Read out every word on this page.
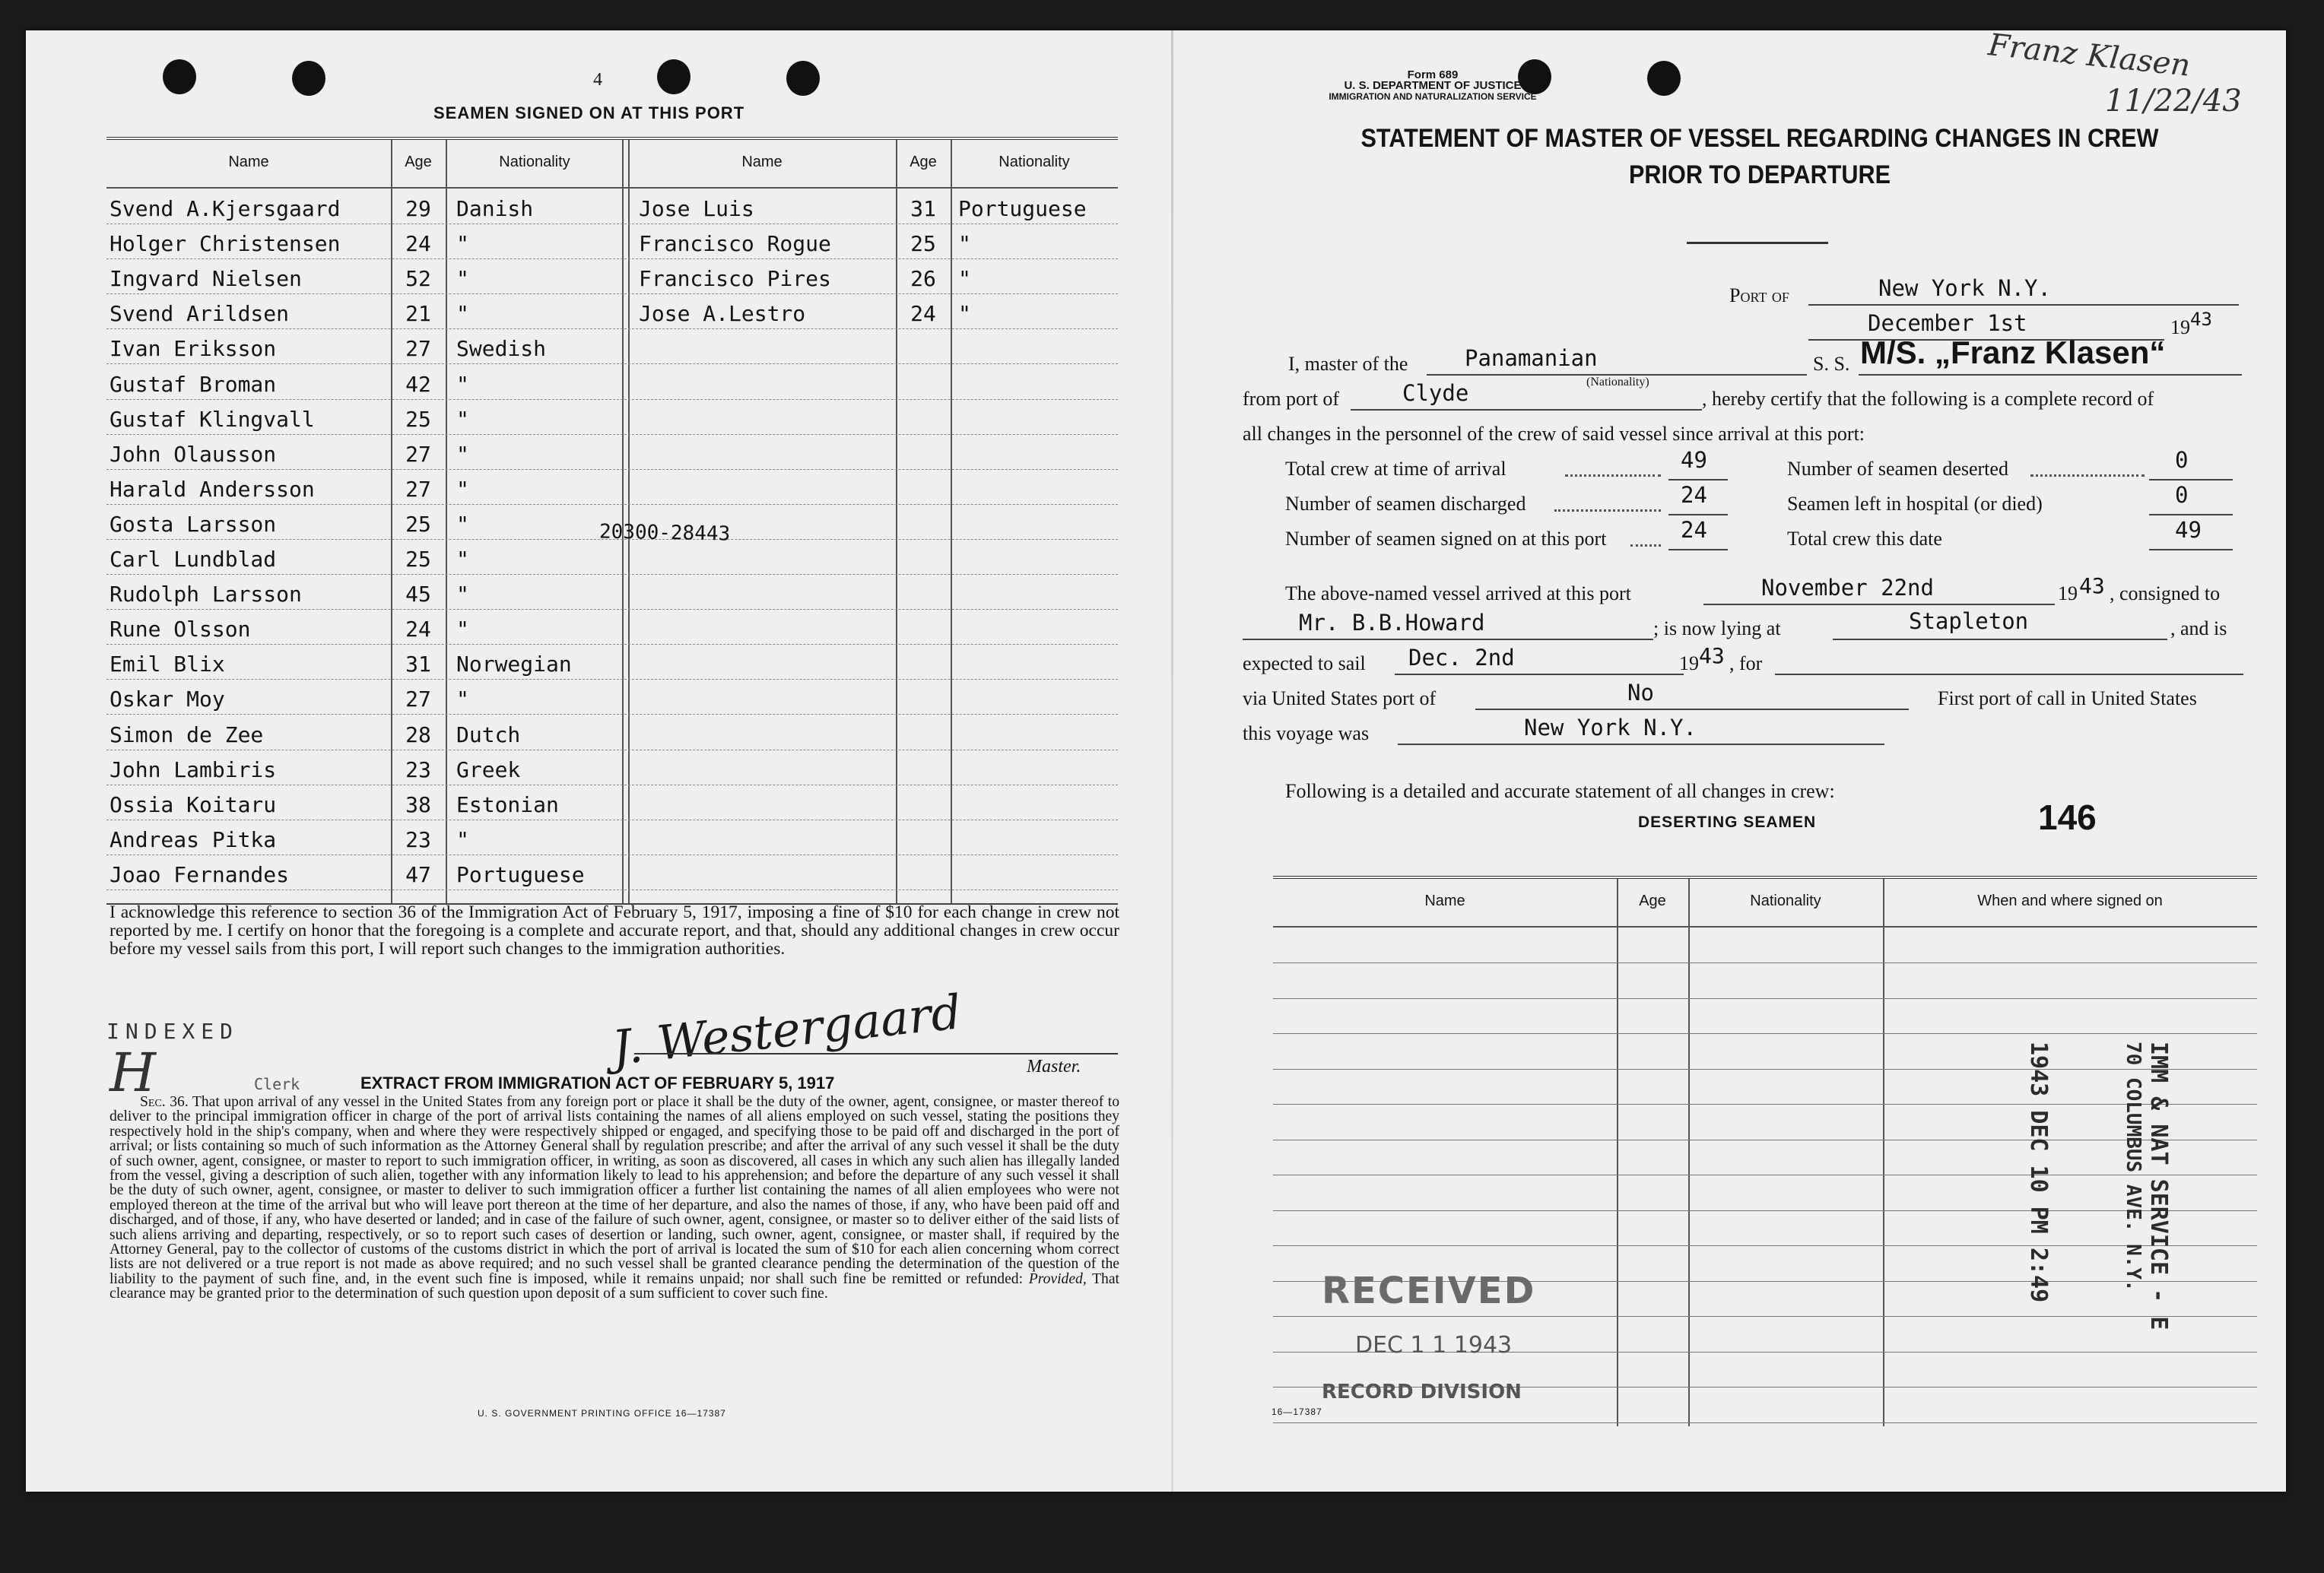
4
SEAMEN SIGNED ON AT THIS PORT
Name	Age	Nationality	Name	Age	Nationality
Svend A.Kjersgaard	29	Danish	Jose Luis	31	Portuguese
Holger Christensen	24	"	Francisco Rogue	25	"
Ingvard Nielsen	52	"	Francisco Pires	26	"
Svend Arildsen	21	"	Jose A.Lestro	24	"
Ivan Eriksson	27	Swedish
Gustaf Broman	42	"
Gustaf Klingvall	25	"
John Olausson	27	"
Harald Andersson	27	"
Gosta Larsson	25	"
Carl Lundblad	25	"
Rudolph Larsson	45	"
Rune Olsson	24	"
Emil Blix	31	Norwegian
Oskar Moy	27	"
Simon de Zee	28	Dutch
John Lambiris	23	Greek
Ossia Koitaru	38	Estonian
Andreas Pitka	23	"
Joao Fernandes	47	Portuguese
20300-28443
I acknowledge this reference to section 36 of the Immigration Act of February 5, 1917, imposing a fine of $10 for each change in crew not reported by me. I certify on honor that the foregoing is a complete and accurate report, and that, should any additional changes in crew occur before my vessel sails from this port, I will report such changes to the immigration authorities.
INDEXED
H	Clerk
J. Westergaard	Master.
EXTRACT FROM IMMIGRATION ACT OF FEBRUARY 5, 1917
Sec. 36. That upon arrival of any vessel in the United States from any foreign port or place it shall be the duty of the owner, agent, consignee, or master thereof to deliver to the principal immigration officer in charge of the port of arrival lists containing the names of all aliens employed on such vessel, stating the positions they respectively hold in the ship's company, when and where they were respectively shipped or engaged, and specifying those to be paid off and discharged in the port of arrival; or lists containing so much of such information as the Attorney General shall by regulation prescribe; and after the arrival of any such vessel it shall be the duty of such owner, agent, consignee, or master to report to such immigration officer, in writing, as soon as discovered, all cases in which any such alien has illegally landed from the vessel, giving a description of such alien, together with any information likely to lead to his apprehension; and before the departure of any such vessel it shall be the duty of such owner, agent, consignee, or master to deliver to such immigration officer a further list containing the names of all alien employees who were not employed thereon at the time of the arrival but who will leave port thereon at the time of her departure, and also the names of those, if any, who have been paid off and discharged, and of those, if any, who have deserted or landed; and in case of the failure of such owner, agent, consignee, or master so to deliver either of the said lists of such aliens arriving and departing, respectively, or so to report such cases of desertion or landing, such owner, agent, consignee, or master shall, if required by the Attorney General, pay to the collector of customs of the customs district in which the port of arrival is located the sum of $10 for each alien concerning whom correct lists are not delivered or a true report is not made as above required; and no such vessel shall be granted clearance pending the determination of the question of the liability to the payment of such fine, and, in the event such fine is imposed, while it remains unpaid; nor shall such fine be remitted or refunded: Provided, That clearance may be granted prior to the determination of such question upon deposit of a sum sufficient to cover such fine.
U. S. GOVERNMENT PRINTING OFFICE 16—17387
Franz Klasen
11/22/43
Form 689
U. S. DEPARTMENT OF JUSTICE
IMMIGRATION AND NATURALIZATION SERVICE
STATEMENT OF MASTER OF VESSEL REGARDING CHANGES IN CREW
PRIOR TO DEPARTURE
Port of	New York N.Y.
December 1st	19 43
I, master of the	Panamanian
(Nationality)
S. S. M/S. „Franz Klasen“
from port of	Clyde	, hereby certify that the following is a complete record of
all changes in the personnel of the crew of said vessel since arrival at this port:
Total crew at time of arrival	49	Number of seamen deserted	0
Number of seamen discharged	24	Seamen left in hospital (or died)	0
Number of seamen signed on at this port	24	Total crew this date	49
The above-named vessel arrived at this port	November 22nd	19 43 , consigned to
Mr. B.B.Howard	; is now lying at	Stapleton	, and is
expected to sail Dec. 2nd	19 43 , for
via United States port of	No	First port of call in United States
this voyage was	New York N.Y.
Following is a detailed and accurate statement of all changes in crew:
DESERTING SEAMEN	146
Name	Age	Nationality	When and where signed on
1943 DEC 10 PM 2:49	IMM & NAT SERVICE - E
70 COLUMBUS AVE. N.Y.
RECEIVED
DEC 1 1 1943
RECORD DIVISION
16—17387
